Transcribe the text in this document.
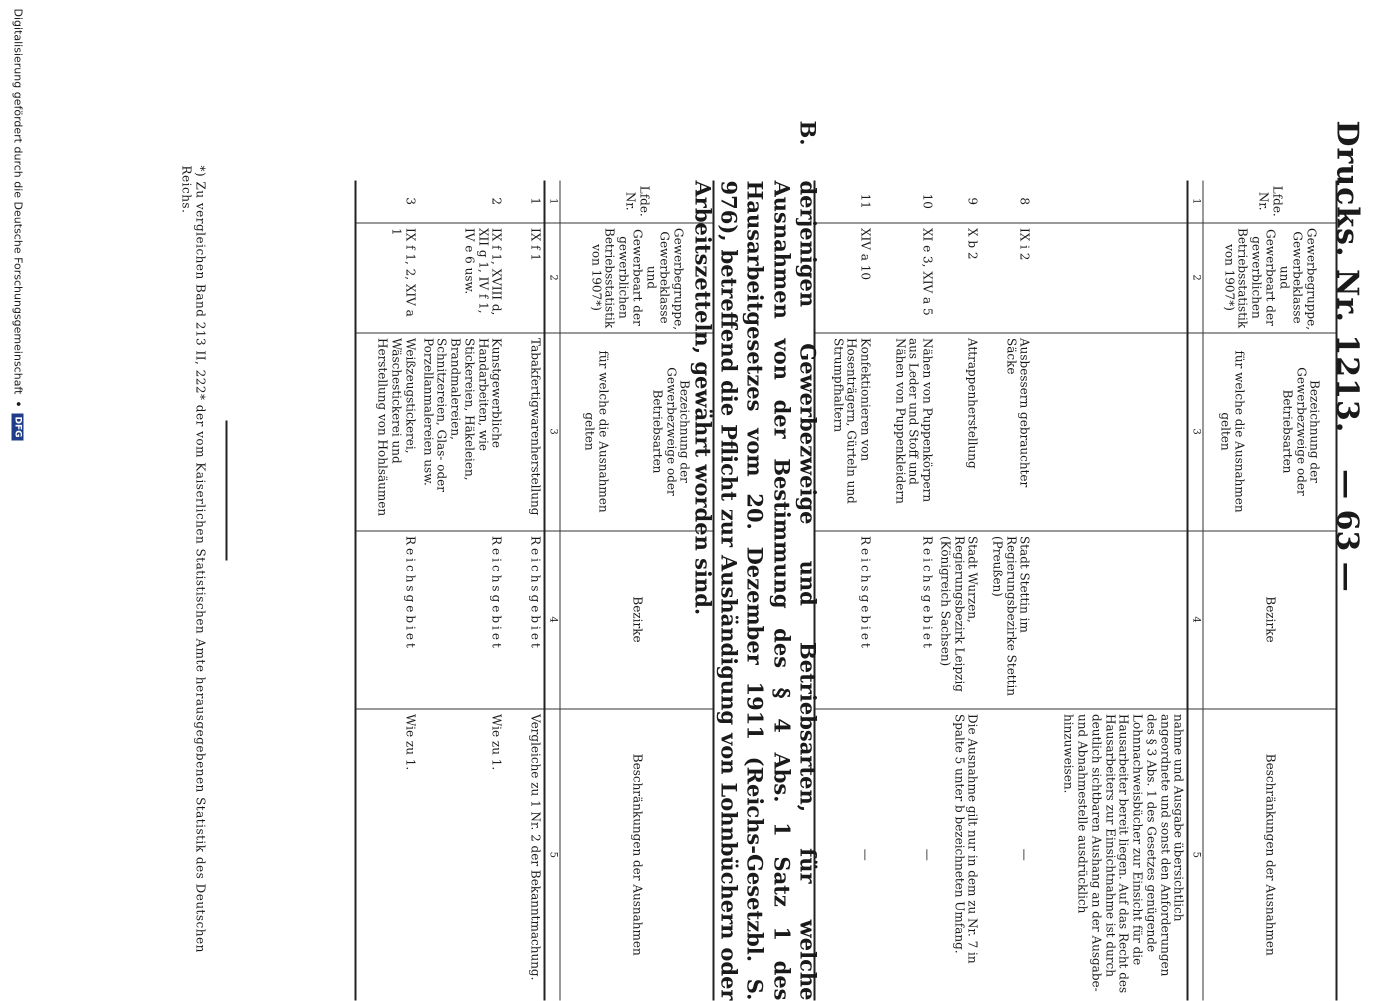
Drucks. Nr. 1213.
— 63 —
Lfde. Nr.	Gewerbegruppe, Gewerbeklasse und Gewerbeart der gewerblichen Betriebsstatistik von 1907*)	Bezeichnung der Gewerbezweige oder Betriebsarten
für welche die Ausnahmen gelten	Bezirke	Beschränkungen der Ausnahmen
1	2	3	4	5
				nahme und Ausgabe übersichtlich angeordnete und sonst den Anforderungen des § 3 Abs. 1 des Gesetzes genügende Lohnnachweisbücher zur Einsicht für die Hausarbeiter bereit liegen. Auf das Recht des Hausarbeiters zur Einsichtnahme ist durch deutlich sichtbaren Aushang an der Ausgabe- und Abnahmestelle ausdrücklich hinzuweisen.
8	IX i 2	Ausbessern gebrauchter Säcke	Stadt Stettin im Regierungsbezirke Stettin (Preußen)	—
9	X b 2	Attrappenherstellung	Stadt Wurzen, Regierungsbezirk Leipzig (Königreich Sachsen)	Die Ausnahme gilt nur in dem zu Nr. 7 in Spalte 5 unter b bezeichneten Umfang.
10	XI e 3, XIV a 5	Nähen von Puppenkörpern aus Leder und Stoff und Nähen von Puppenkleidern	Reichsgebiet	—
11	XIV a 10	Konfektionieren von Hosenträgern, Gürteln und Strumpfhaltern	Reichsgebiet	—
B.
derjenigen Gewerbezweige und Betriebsarten, für welche Ausnahmen von der Bestimmung des § 4 Abs. 1 Satz 1 des Hausarbeitgesetzes vom 20. Dezember 1911 (Reichs-Gesetzbl. S. 976), betreffend die Pflicht zur Aushändigung von Lohnbüchern oder Arbeitszetteln, gewährt worden sind.
Lfde. Nr.	Gewerbegruppe, Gewerbeklasse und Gewerbeart der gewerblichen Betriebsstatistik von 1907*)	Bezeichnung der Gewerbezweige oder Betriebsarten
für welche die Ausnahmen gelten	Bezirke	Beschränkungen der Ausnahmen
1	2	3	4	5
1	IX f 1	Tabakfertigwarenherstellung	Reichsgebiet	Vergleiche zu 1 Nr. 2 der Bekanntmachung.
2	IX f 1, XVIII d, XII g 1, IV f 1, IV e 6 usw.	Kunstgewerbliche Handarbeiten, wie Stickereien, Häkeleien, Brandmalereien, Schnitzereien, Glas- oder Porzellanmalereien usw.	Reichsgebiet	Wie zu 1.
3	IX f 1, 2, XIV a 1	Weißzeugstickerei, Wäschestickerei und Herstellung von Hohlsäumen	Reichsgebiet	Wie zu 1.
*) Zu vergleichen Band 213 II, 222* der vom Kaiserlichen Statistischen Amte herausgegebenen Statistik des Deutschen Reichs.
Digitalisierung gefördert durch die Deutsche Forschungsgemeinschaft
•
DFG
